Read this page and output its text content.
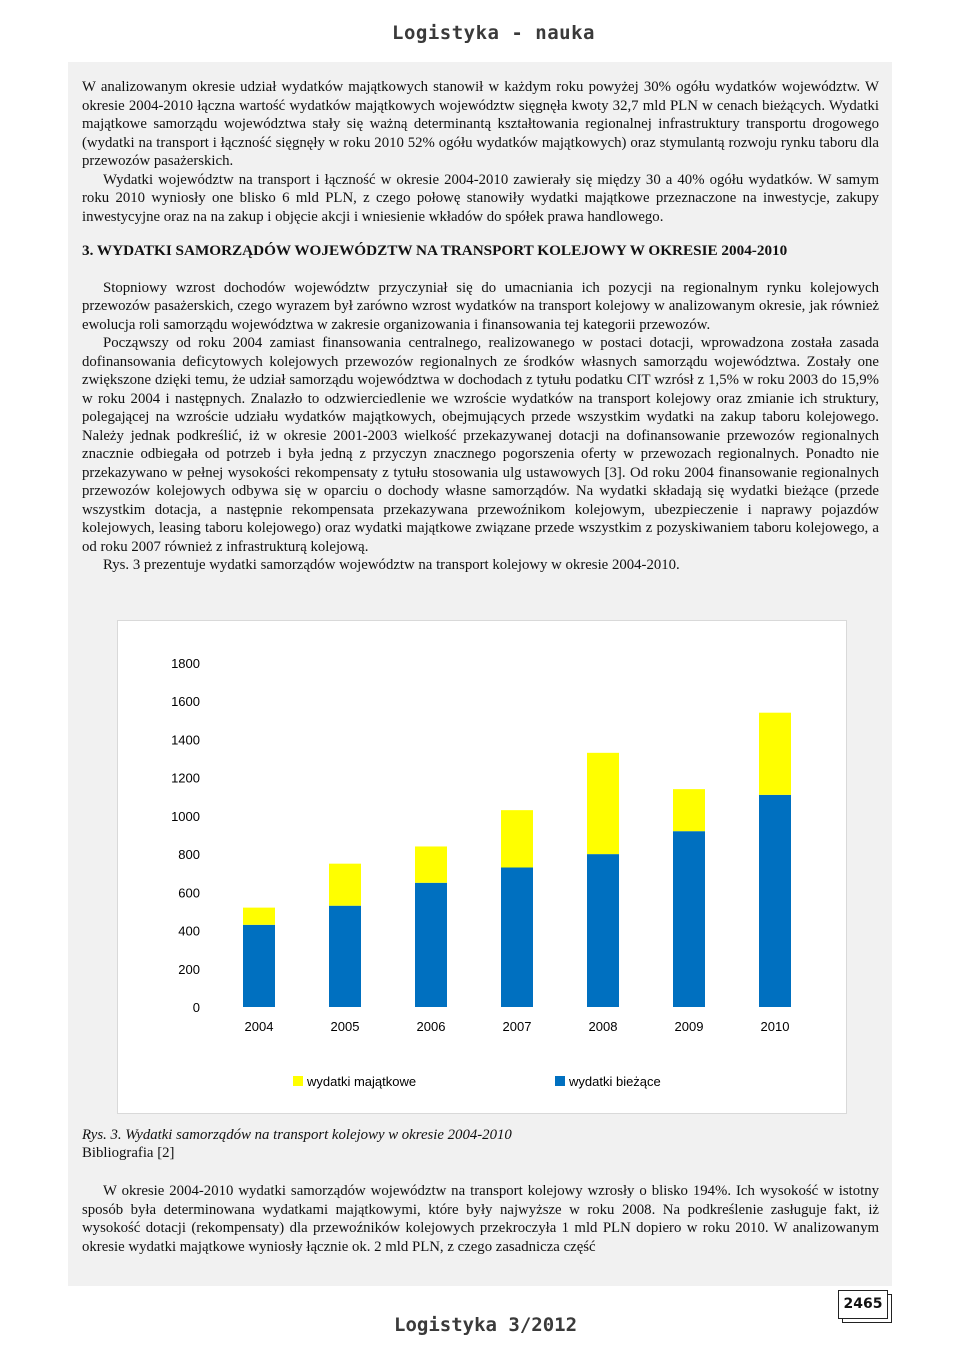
Logistyka - nauka

W analizowanym okresie udział wydatków majątkowych stanowił w każdym roku powyżej 30% ogółu wydatków województw. W okresie 2004-2010 łączna wartość wydatków majątkowych województw sięgnęła kwoty 32,7 mld PLN w cenach bieżących. Wydatki majątkowe samorządu województwa stały się ważną determinantą kształtowania regionalnej infrastruktury transportu drogowego (wydatki na transport i łączność sięgnęły w roku 2010 52% ogółu wydatków majątkowych) oraz stymulantą rozwoju rynku taboru dla przewozów pasażerskich.

Wydatki województw na transport i łączność w okresie 2004-2010 zawierały się między 30 a 40% ogółu wydatków. W samym roku 2010 wyniosły one blisko 6 mld PLN, z czego połowę stanowiły wydatki majątkowe przeznaczone na inwestycje, zakupy inwestycyjne oraz na na zakup i objęcie akcji i wniesienie wkładów do spółek prawa handlowego.

3. WYDATKI SAMORZĄDÓW WOJEWÓDZTW NA TRANSPORT KOLEJOWY W OKRESIE 2004-2010

Stopniowy wzrost dochodów województw przyczyniał się do umacniania ich pozycji na regionalnym rynku kolejowych przewozów pasażerskich, czego wyrazem był zarówno wzrost wydatków na transport kolejowy w analizowanym okresie, jak również ewolucja roli samorządu województwa w zakresie organizowania i finansowania tej kategorii przewozów.

Począwszy od roku 2004 zamiast finansowania centralnego, realizowanego w postaci dotacji, wprowadzona została zasada dofinansowania deficytowych kolejowych przewozów regionalnych ze środków własnych samorządu województwa. Zostały one zwiększone dzięki temu, że udział samorządu województwa w dochodach z tytułu podatku CIT wzrósł z 1,5% w roku 2003 do 15,9% w roku 2004 i następnych. Znalazło to odzwierciedlenie we wzroście wydatków na transport kolejowy oraz zmianie ich struktury, polegającej na wzroście udziału wydatków majątkowych, obejmujących przede wszystkim wydatki na zakup taboru kolejowego. Należy jednak podkreślić, iż w okresie 2001-2003 wielkość przekazywanej dotacji na dofinansowanie przewozów regionalnych znacznie odbiegała od potrzeb i była jedną z przyczyn znacznego pogorszenia oferty w przewozach regionalnych. Ponadto nie przekazywano w pełnej wysokości rekompensaty z tytułu stosowania ulg ustawowych [3]. Od roku 2004 finansowanie regionalnych przewozów kolejowych odbywa się w oparciu o dochody własne samorządów. Na wydatki składają się wydatki bieżące (przede wszystkim dotacja, a następnie rekompensata przekazywana przewoźnikom kolejowym, ubezpieczenie i naprawy pojazdów kolejowych, leasing taboru kolejowego) oraz wydatki majątkowe związane przede wszystkim z pozyskiwaniem taboru kolejowego, a od roku 2007 również z infrastrukturą kolejową.

Rys. 3 prezentuje wydatki samorządów województw na transport kolejowy w okresie 2004-2010.

0
200
400
600
800
1000
1200
1400
1600
1800
2004	2005	2006	2007	2008	2009	2010
wydatki majątkowe	wydatki bieżące
Rys. 3. Wydatki samorządów na transport kolejowy w okresie 2004-2010
Bibliografia [2]

W okresie 2004-2010 wydatki samorządów województw na transport kolejowy wzrosły o blisko 194%. Ich wysokość w istotny sposób była determinowana wydatkami majątkowymi, które były najwyższe w roku 2008. Na podkreślenie zasługuje fakt, iż wysokość dotacji (rekompensaty) dla przewoźników kolejowych przekroczyła 1 mld PLN dopiero w roku 2010. W analizowanym okresie wydatki majątkowe wyniosły łącznie ok. 2 mld PLN, z czego zasadnicza część

Logistyka 3/2012
2465
